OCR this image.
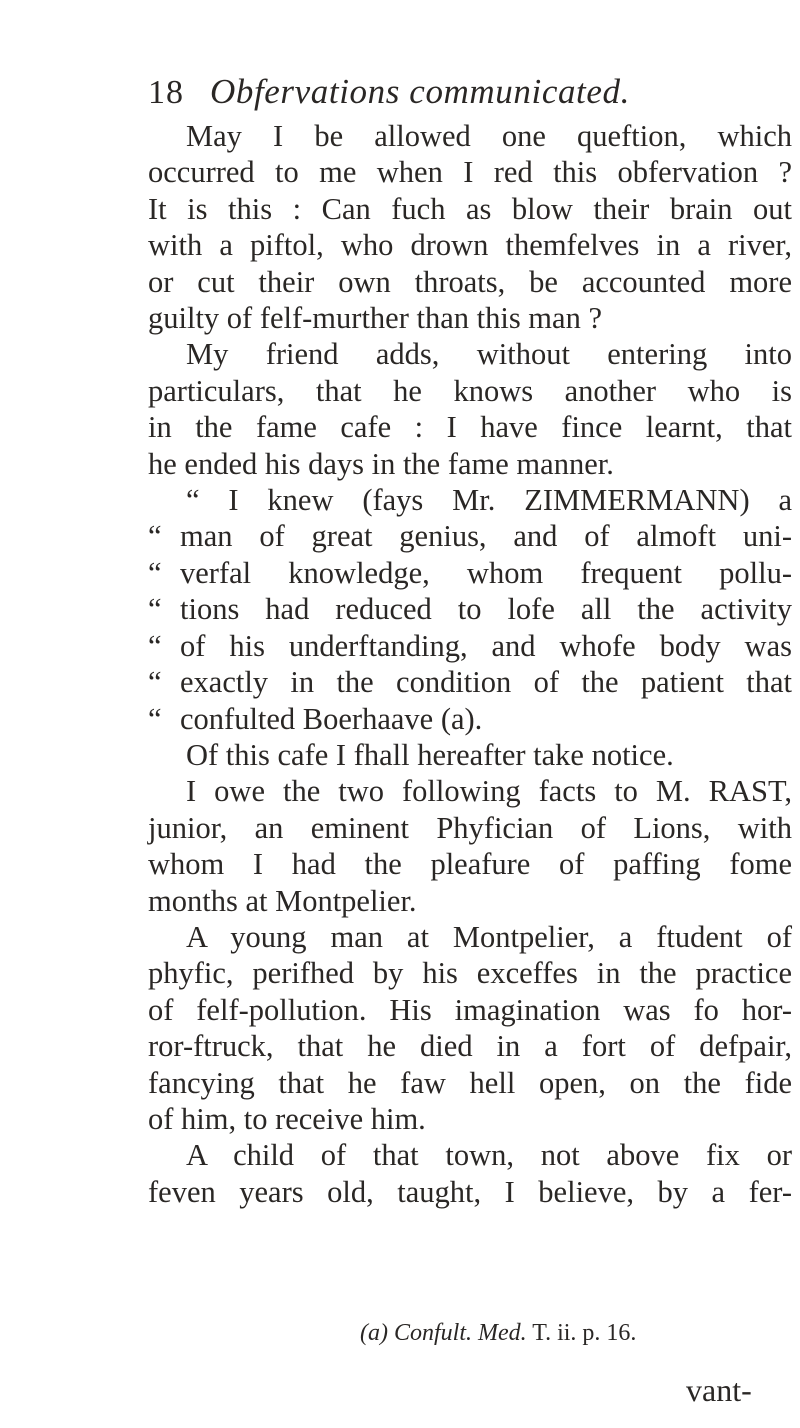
18 Obfervations communicated.
May I be allowed one queftion, which
occurred to me when I red this obfervation ?
It is this : Can fuch as blow their brain out
with a piftol, who drown themfelves in a river,
or cut their own throats, be accounted more
guilty of felf-murther than this man ?
My friend adds, without entering into
particulars, that he knows another who is
in the fame cafe : I have fince learnt, that
he ended his days in the fame manner.
“ I knew (fays Mr. ZIMMERMANN) a
“ man of great genius, and of almoft uni-
“ verfal knowledge, whom frequent pollu-
“ tions had reduced to lofe all the activity
“ of his underftanding, and whofe body was
“ exactly in the condition of the patient that
“ confulted Boerhaave (a).
Of this cafe I fhall hereafter take notice.
I owe the two following facts to M. RAST,
junior, an eminent Phyfician of Lions, with
whom I had the pleafure of paffing fome
months at Montpelier.
A young man at Montpelier, a ftudent of
phyfic, perifhed by his exceffes in the practice
of felf-pollution. His imagination was fo hor-
ror-ftruck, that he died in a fort of defpair,
fancying that he faw hell open, on the fide
of him, to receive him.
A child of that town, not above fix or
feven years old, taught, I believe, by a fer-
(a) Confult. Med. T. ii. p. 16.
vant-
